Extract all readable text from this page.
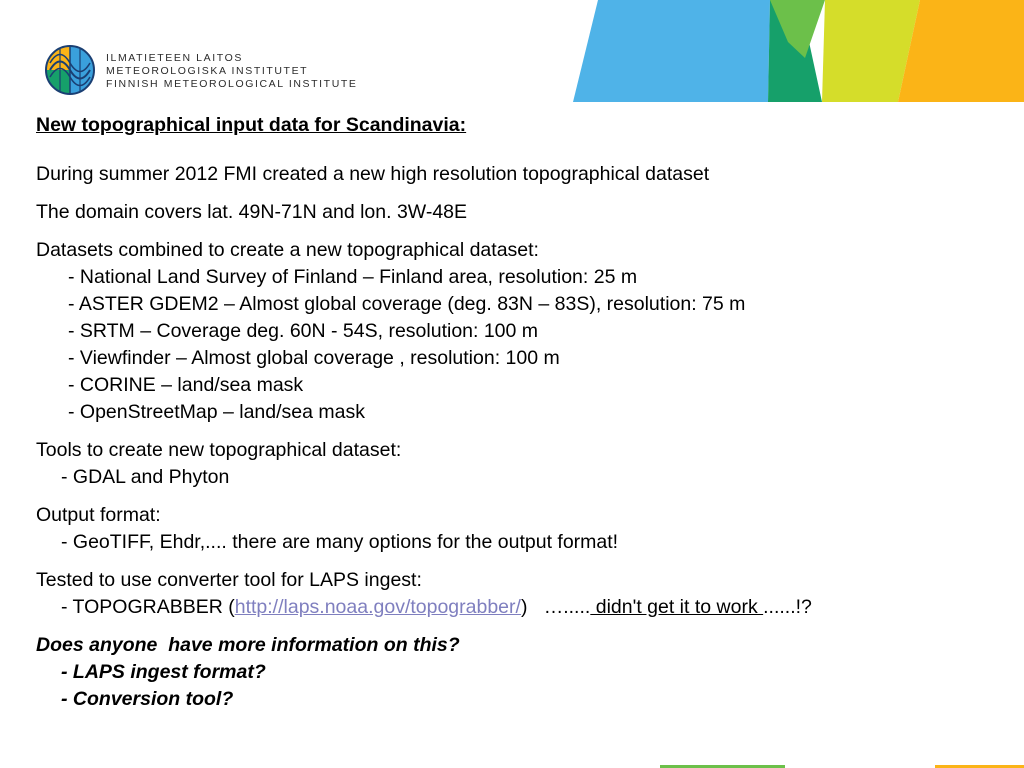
ILMATIETEEN LAITOS
METEOROLOGISKA INSTITUTET
FINNISH METEOROLOGICAL INSTITUTE

New topographical input data for Scandinavia:

During summer 2012 FMI created a new high resolution topographical dataset

The domain covers lat. 49N-71N and lon. 3W-48E

Datasets combined to create a new topographical dataset:

- National Land Survey of Finland – Finland area, resolution: 25 m

- ASTER GDEM2 – Almost global coverage (deg. 83N – 83S), resolution: 75 m

- SRTM – Coverage deg. 60N - 54S, resolution: 100 m

- Viewfinder – Almost global coverage , resolution: 100 m

- CORINE – land/sea mask

- OpenStreetMap – land/sea mask

Tools to create new topographical dataset:

- GDAL and Phyton

Output format:

- GeoTIFF, Ehdr,.... there are many options for the output format!

Tested to use converter tool for LAPS ingest:

- TOPOGRABBER (http://laps.noaa.gov/topograbber/) …..... didn't get it to work ......!?

Does anyone  have more information on this?

- LAPS ingest format?

- Conversion tool?
